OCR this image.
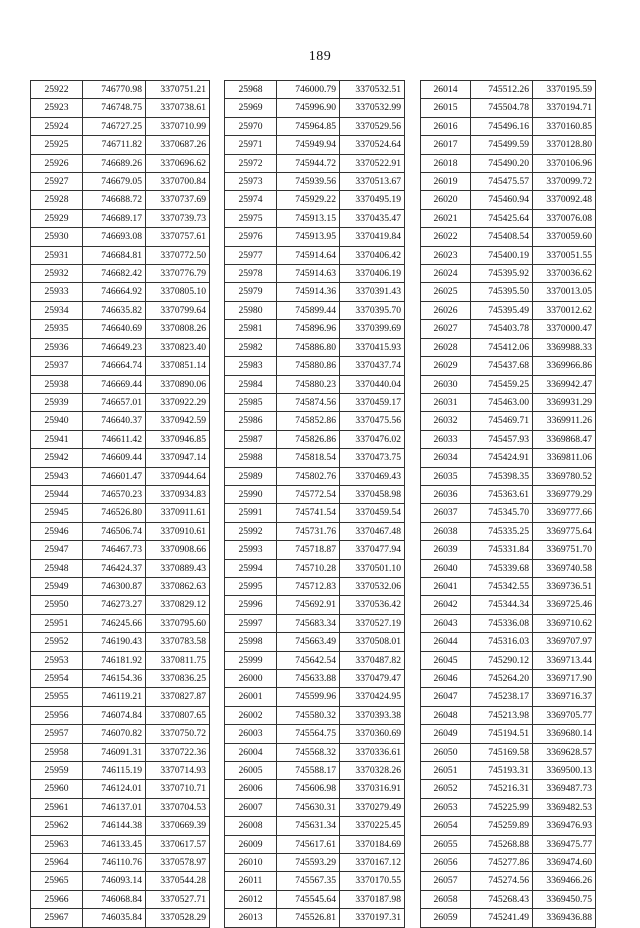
189
25922	746770.98	3370751.21
25923	746748.75	3370738.61
25924	746727.25	3370710.99
25925	746711.82	3370687.26
25926	746689.26	3370696.62
25927	746679.05	3370700.84
25928	746688.72	3370737.69
25929	746689.17	3370739.73
25930	746693.08	3370757.61
25931	746684.81	3370772.50
25932	746682.42	3370776.79
25933	746664.92	3370805.10
25934	746635.82	3370799.64
25935	746640.69	3370808.26
25936	746649.23	3370823.40
25937	746664.74	3370851.14
25938	746669.44	3370890.06
25939	746657.01	3370922.29
25940	746640.37	3370942.59
25941	746611.42	3370946.85
25942	746609.44	3370947.14
25943	746601.47	3370944.64
25944	746570.23	3370934.83
25945	746526.80	3370911.61
25946	746506.74	3370910.61
25947	746467.73	3370908.66
25948	746424.37	3370889.43
25949	746300.87	3370862.63
25950	746273.27	3370829.12
25951	746245.66	3370795.60
25952	746190.43	3370783.58
25953	746181.92	3370811.75
25954	746154.36	3370836.25
25955	746119.21	3370827.87
25956	746074.84	3370807.65
25957	746070.82	3370750.72
25958	746091.31	3370722.36
25959	746115.19	3370714.93
25960	746124.01	3370710.71
25961	746137.01	3370704.53
25962	746144.38	3370669.39
25963	746133.45	3370617.57
25964	746110.76	3370578.97
25965	746093.14	3370544.28
25966	746068.84	3370527.71
25967	746035.84	3370528.29
25968	746000.79	3370532.51
25969	745996.90	3370532.99
25970	745964.85	3370529.56
25971	745949.94	3370524.64
25972	745944.72	3370522.91
25973	745939.56	3370513.67
25974	745929.22	3370495.19
25975	745913.15	3370435.47
25976	745913.95	3370419.84
25977	745914.64	3370406.42
25978	745914.63	3370406.19
25979	745914.36	3370391.43
25980	745899.44	3370395.70
25981	745896.96	3370399.69
25982	745886.80	3370415.93
25983	745880.86	3370437.74
25984	745880.23	3370440.04
25985	745874.56	3370459.17
25986	745852.86	3370475.56
25987	745826.86	3370476.02
25988	745818.54	3370473.75
25989	745802.76	3370469.43
25990	745772.54	3370458.98
25991	745741.54	3370459.54
25992	745731.76	3370467.48
25993	745718.87	3370477.94
25994	745710.28	3370501.10
25995	745712.83	3370532.06
25996	745692.91	3370536.42
25997	745683.34	3370527.19
25998	745663.49	3370508.01
25999	745642.54	3370487.82
26000	745633.88	3370479.47
26001	745599.96	3370424.95
26002	745580.32	3370393.38
26003	745564.75	3370360.69
26004	745568.32	3370336.61
26005	745588.17	3370328.26
26006	745606.98	3370316.91
26007	745630.31	3370279.49
26008	745631.34	3370225.45
26009	745617.61	3370184.69
26010	745593.29	3370167.12
26011	745567.35	3370170.55
26012	745545.64	3370187.98
26013	745526.81	3370197.31
26014	745512.26	3370195.59
26015	745504.78	3370194.71
26016	745496.16	3370160.85
26017	745499.59	3370128.80
26018	745490.20	3370106.96
26019	745475.57	3370099.72
26020	745460.94	3370092.48
26021	745425.64	3370076.08
26022	745408.54	3370059.60
26023	745400.19	3370051.55
26024	745395.92	3370036.62
26025	745395.50	3370013.05
26026	745395.49	3370012.62
26027	745403.78	3370000.47
26028	745412.06	3369988.33
26029	745437.68	3369966.86
26030	745459.25	3369942.47
26031	745463.00	3369931.29
26032	745469.71	3369911.26
26033	745457.93	3369868.47
26034	745424.91	3369811.06
26035	745398.35	3369780.52
26036	745363.61	3369779.29
26037	745345.70	3369777.66
26038	745335.25	3369775.64
26039	745331.84	3369751.70
26040	745339.68	3369740.58
26041	745342.55	3369736.51
26042	745344.34	3369725.46
26043	745336.08	3369710.62
26044	745316.03	3369707.97
26045	745290.12	3369713.44
26046	745264.20	3369717.90
26047	745238.17	3369716.37
26048	745213.98	3369705.77
26049	745194.51	3369680.14
26050	745169.58	3369628.57
26051	745193.31	3369500.13
26052	745216.31	3369487.73
26053	745225.99	3369482.53
26054	745259.89	3369476.93
26055	745268.88	3369475.77
26056	745277.86	3369474.60
26057	745274.56	3369466.26
26058	745268.43	3369450.75
26059	745241.49	3369436.88
